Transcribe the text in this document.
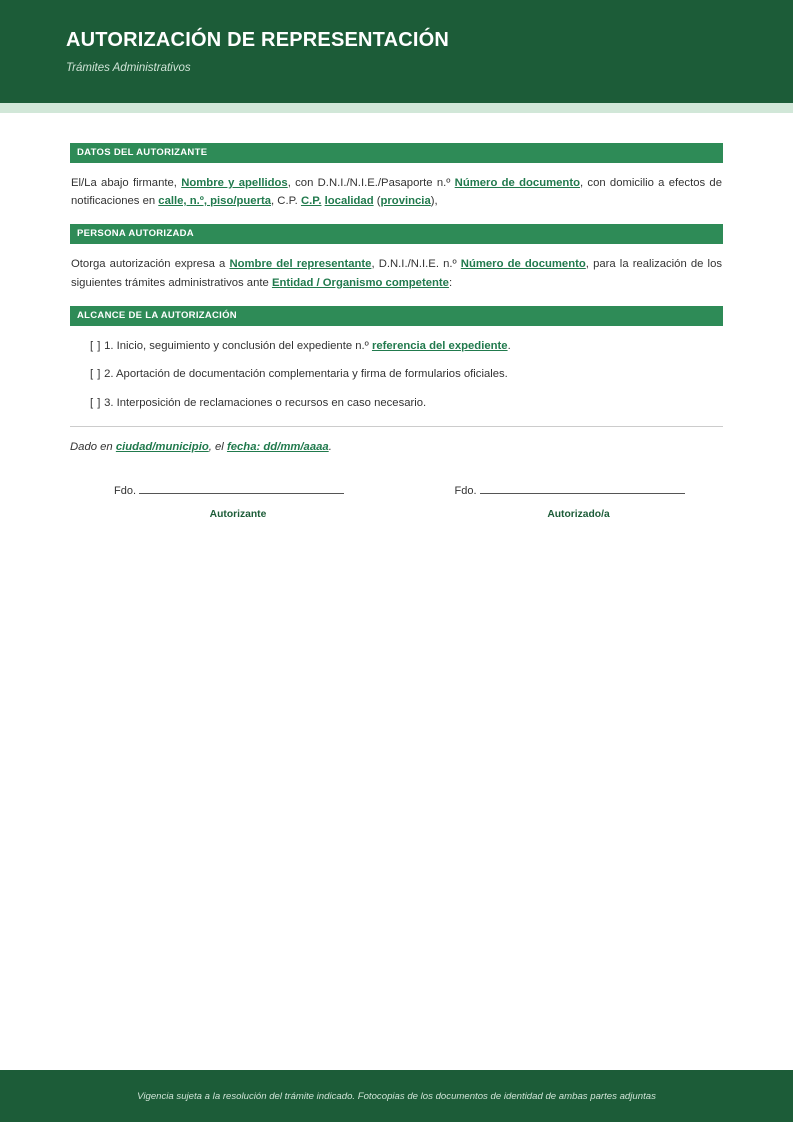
AUTORIZACIÓN DE REPRESENTACIÓN
Trámites Administrativos
DATOS DEL AUTORIZANTE

El/La abajo firmante, Nombre y apellidos, con D.N.I./N.I.E./Pasaporte n.º Número de documento, con domicilio a efectos de notificaciones en calle, n.º, piso/puerta, C.P. C.P. localidad (provincia),

PERSONA AUTORIZADA

Otorga autorización expresa a Nombre del representante, D.N.I./N.I.E. n.º Número de documento, para la realización de los siguientes trámites administrativos ante Entidad / Organismo competente:

ALCANCE DE LA AUTORIZACIÓN
[ ] 1. Inicio, seguimiento y conclusión del expediente n.º referencia del expediente.
[ ] 2. Aportación de documentación complementaria y firma de formularios oficiales.
[ ] 3. Interposición de reclamaciones o recursos en caso necesario.
Dado en ciudad/municipio, el fecha: dd/mm/aaaa.
Fdo.
Autorizante
Fdo.
Autorizado/a
Vigencia sujeta a la resolución del trámite indicado. Fotocopias de los documentos de identidad de ambas partes adjuntas
